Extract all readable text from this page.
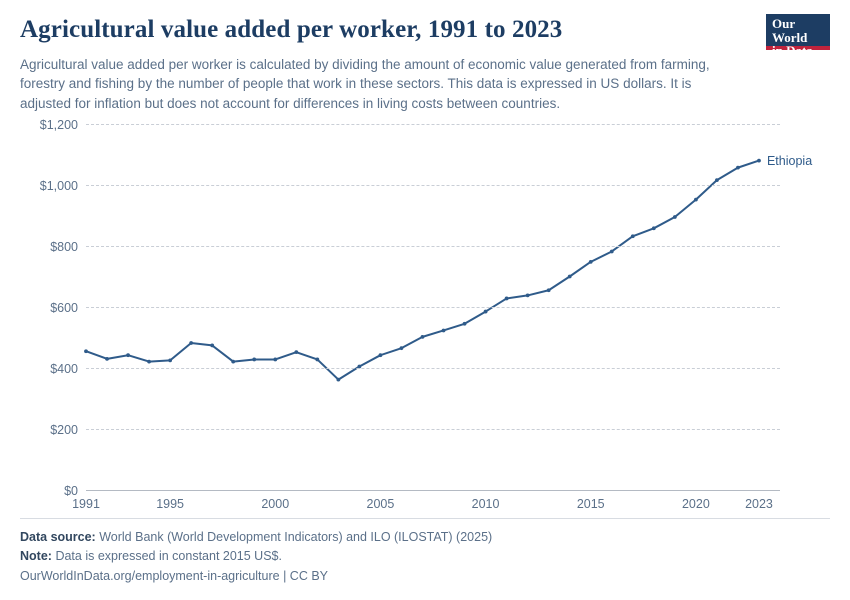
Agricultural value added per worker, 1991 to 2023

Agricultural value added per worker is calculated by dividing the amount of economic value generated from farming, forestry and fishing by the number of people that work in these sectors. This data is expressed in US dollars. It is adjusted for inflation but does not account for differences in living costs between countries.

Our World
in Data
$0
$200
$400
$600
$800
$1,000
$1,200
1991	1995	2000	2005	2010	2015	2020	2023
Ethiopia
Data source: World Bank (World Development Indicators) and ILO (ILOSTAT) (2025)
Note: Data is expressed in constant 2015 US$.
OurWorldInData.org/employment-in-agriculture | CC BY
